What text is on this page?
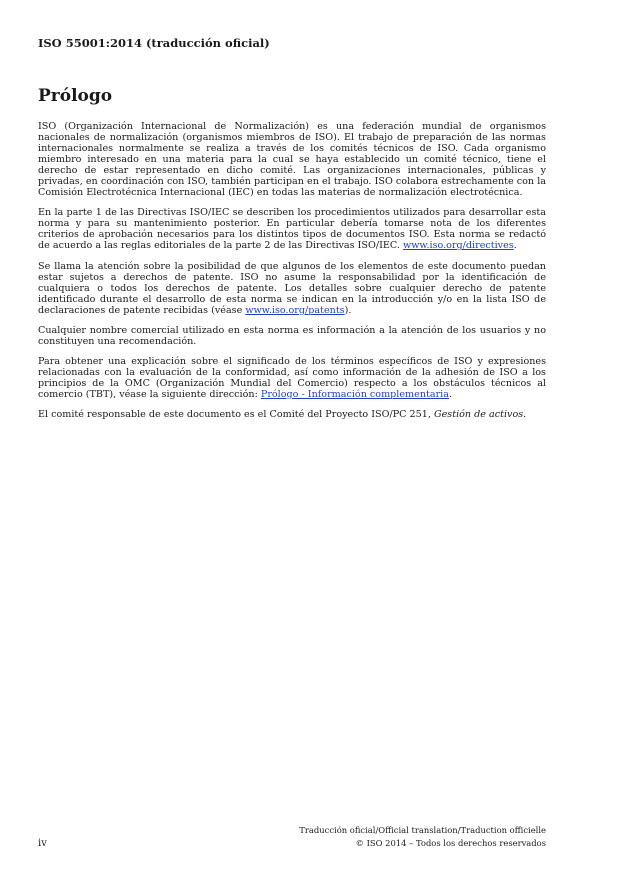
ISO 55001:2014 (traducción oficial)
Prólogo

ISO (Organización Internacional de Normalización) es una federación mundial de organismos nacionales de normalización (organismos miembros de ISO). El trabajo de preparación de las normas internacionales normalmente se realiza a través de los comités técnicos de ISO. Cada organismo miembro interesado en una materia para la cual se haya establecido un comité técnico, tiene el derecho de estar representado en dicho comité. Las organizaciones internacionales, públicas y privadas, en coordinación con ISO, también participan en el trabajo. ISO colabora estrechamente con la Comisión Electrotécnica Internacional (IEC) en todas las materias de normalización electrotécnica.

En la parte 1 de las Directivas ISO/IEC se describen los procedimientos utilizados para desarrollar esta norma y para su mantenimiento posterior. En particular debería tomarse nota de los diferentes criterios de aprobación necesarios para los distintos tipos de documentos ISO. Esta norma se redactó de acuerdo a las reglas editoriales de la parte 2 de las Directivas ISO/IEC. www.iso.org/directives.

Se llama la atención sobre la posibilidad de que algunos de los elementos de este documento puedan estar sujetos a derechos de patente. ISO no asume la responsabilidad por la identificación de cualquiera o todos los derechos de patente. Los detalles sobre cualquier derecho de patente identificado durante el desarrollo de esta norma se indican en la introducción y/o en la lista ISO de declaraciones de patente recibidas (véase www.iso.org/patents).

Cualquier nombre comercial utilizado en esta norma es información a la atención de los usuarios y no constituyen una recomendación.

Para obtener una explicación sobre el significado de los términos específicos de ISO y expresiones relacionadas con la evaluación de la conformidad, así como información de la adhesión de ISO a los principios de la OMC (Organización Mundial del Comercio) respecto a los obstáculos técnicos al comercio (TBT), véase la siguiente dirección: Prólogo - Información complementaria.

El comité responsable de este documento es el Comité del Proyecto ISO/PC 251, Gestión de activos.

iv
Traducción oficial/Official translation/Traduction officielle
© ISO 2014 – Todos los derechos reservados
